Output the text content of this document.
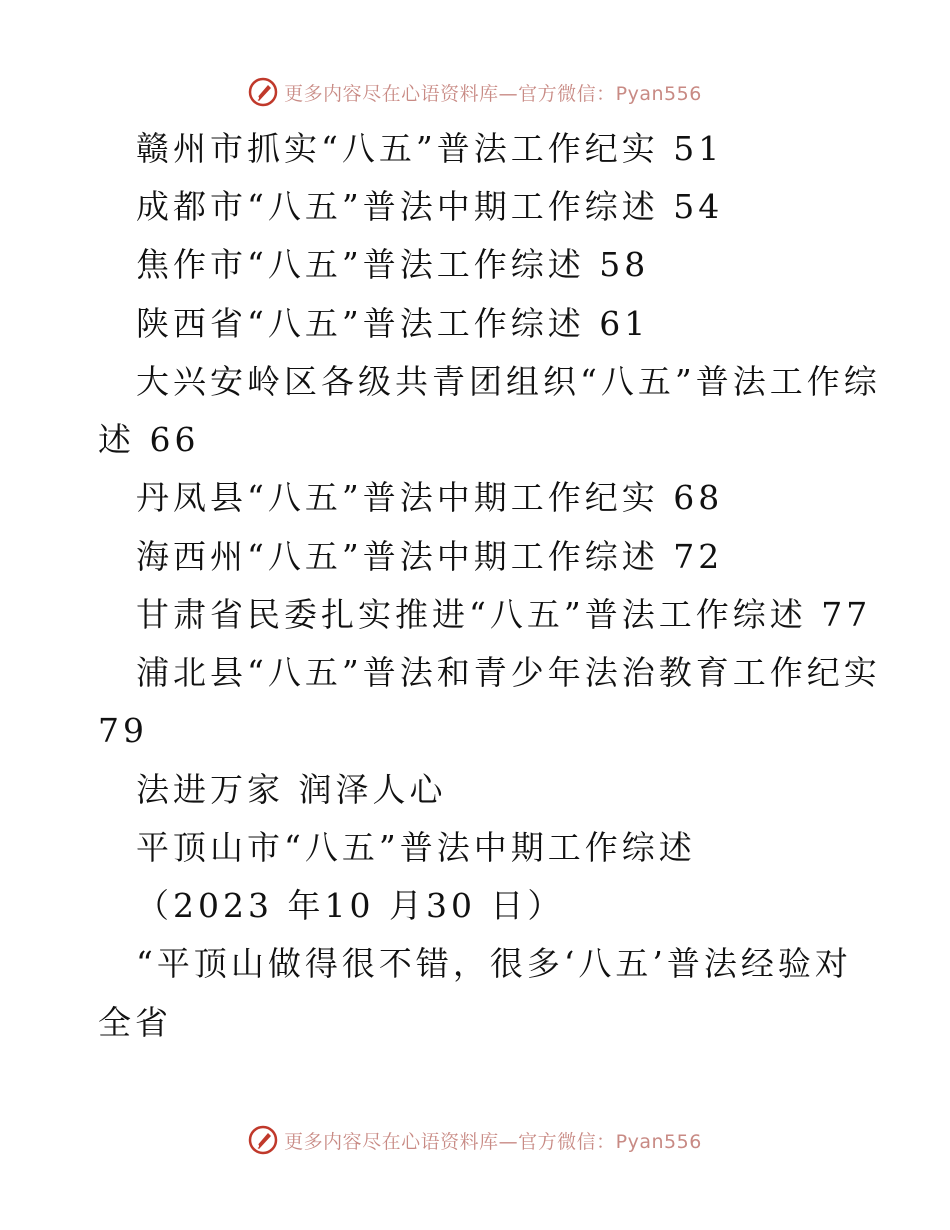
更多内容尽在心语资料库—官方微信：Pyan556
赣州市抓实“八五”普法工作纪实 51
成都市“八五”普法中期工作综述 54
焦作市“八五”普法工作综述 58
陕西省“八五”普法工作综述 61
大兴安岭区各级共青团组织“八五”普法工作综
述 66
丹凤县“八五”普法中期工作纪实 68
海西州“八五”普法中期工作综述 72
甘肃省民委扎实推进“八五”普法工作综述 77
浦北县“八五”普法和青少年法治教育工作纪实
79
法进万家 润泽人心
平顶山市“八五”普法中期工作综述
（2023 年10 月30 日）
“平顶山做得很不错，很多‘八五’普法经验对
全省
更多内容尽在心语资料库—官方微信：Pyan556
